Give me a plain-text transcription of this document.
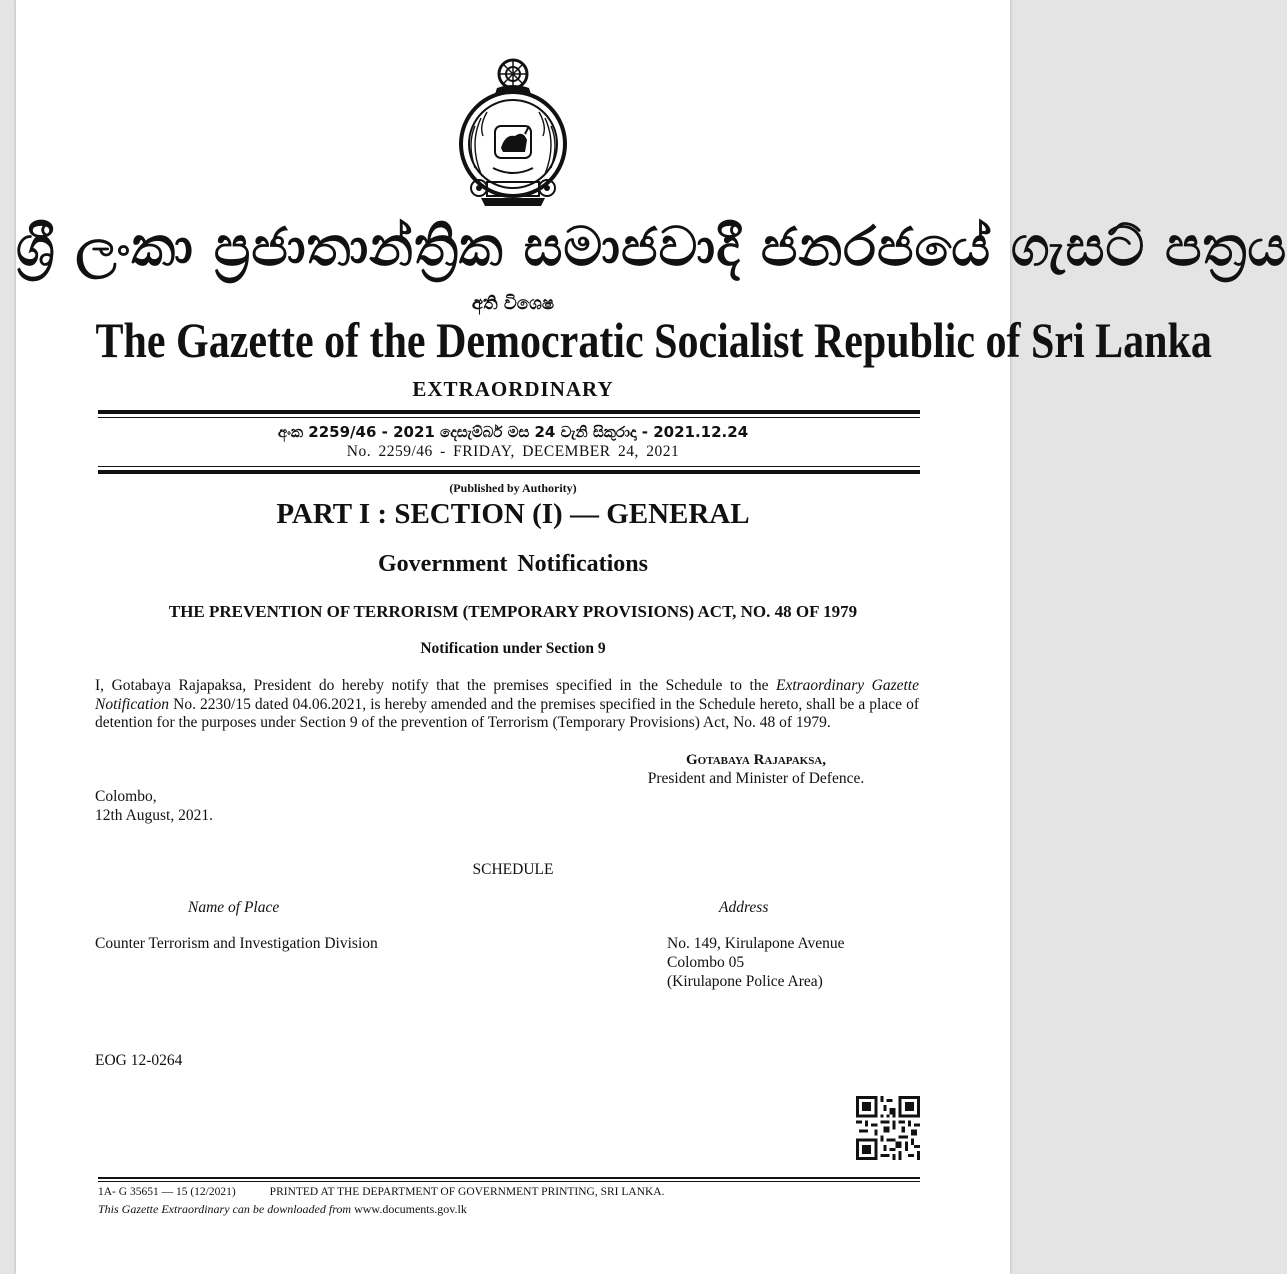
ශ්‍රී ලංකා ප්‍රජාතාන්ත්‍රික සමාජවාදී ජනරජයේ ගැසට් පත්‍රය
අති විශෙෂ
The Gazette of the Democratic Socialist Republic of Sri Lanka
EXTRAORDINARY
අංක 2259/46 - 2021 දෙසැම්බර් මස 24 වැනි සිකුරාදා - 2021.12.24
No. 2259/46 - FRIDAY, DECEMBER 24, 2021
(Published by Authority)
PART I : SECTION (I) — GENERAL
Government Notifications
THE PREVENTION OF TERRORISM (TEMPORARY PROVISIONS) ACT, NO. 48 OF 1979
Notification under Section 9

I, Gotabaya Rajapaksa, President do hereby notify that the premises specified in the Schedule to the Extraordinary Gazette Notification No. 2230/15 dated 04.06.2021, is hereby amended and the premises specified in the Schedule hereto, shall be a place of detention for the purposes under Section 9 of the prevention of Terrorism (Temporary Provisions) Act, No. 48 of 1979.

Gotabaya Rajapaksa,
President and Minister of Defence.
Colombo,
12th August, 2021.
SCHEDULE
Name of Place	Address
Counter Terrorism and Investigation Division	No. 149, Kirulapone Avenue
Colombo 05
(Kirulapone Police Area)
EOG 12-0264
1A- G 35651 — 15 (12/2021)	PRINTED AT THE DEPARTMENT OF GOVERNMENT PRINTING, SRI LANKA.
This Gazette Extraordinary can be downloaded from www.documents.gov.lk
